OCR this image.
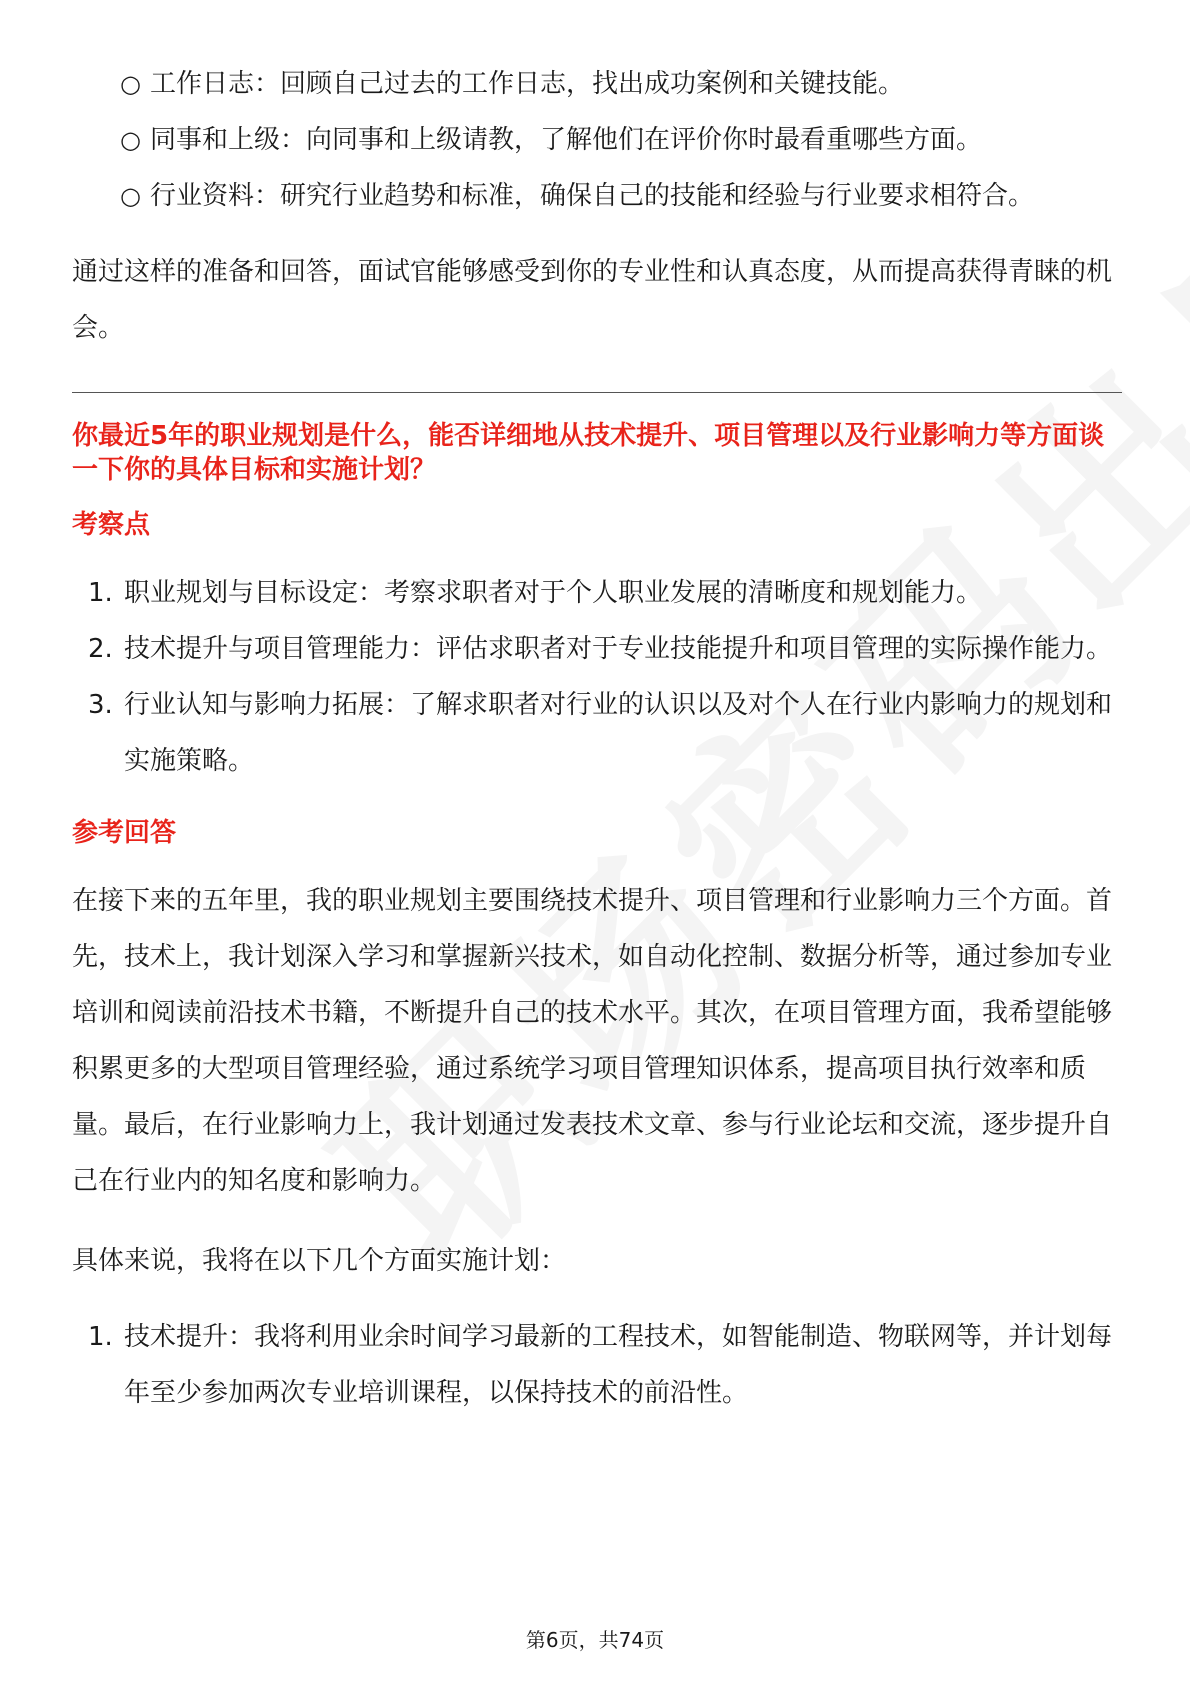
○ 工作日志：回顾自己过去的工作日志，找出成功案例和关键技能。
○ 同事和上级：向同事和上级请教，了解他们在评价你时最看重哪些方面。
○ 行业资料：研究行业趋势和标准，确保自己的技能和经验与行业要求相符合。

通过这样的准备和回答，面试官能够感受到你的专业性和认真态度，从而提高获得青睐的机会。

你最近5年的职业规划是什么，能否详细地从技术提升、项目管理以及行业影响力等方面谈一下你的具体目标和实施计划？

考察点
1. 职业规划与目标设定：考察求职者对于个人职业发展的清晰度和规划能力。
2. 技术提升与项目管理能力：评估求职者对于专业技能提升和项目管理的实际操作能力。
3. 行业认知与影响力拓展：了解求职者对行业的认识以及对个人在行业内影响力的规划和实施策略。
参考回答

在接下来的五年里，我的职业规划主要围绕技术提升、项目管理和行业影响力三个方面。首先，技术上，我计划深入学习和掌握新兴技术，如自动化控制、数据分析等，通过参加专业培训和阅读前沿技术书籍，不断提升自己的技术水平。其次，在项目管理方面，我希望能够积累更多的大型项目管理经验，通过系统学习项目管理知识体系，提高项目执行效率和质量。最后，在行业影响力上，我计划通过发表技术文章、参与行业论坛和交流，逐步提升自己在行业内的知名度和影响力。

具体来说，我将在以下几个方面实施计划：

1. 技术提升：我将利用业余时间学习最新的工程技术，如智能制造、物联网等，并计划每年至少参加两次专业培训课程，以保持技术的前沿性。
第6页，共74页
